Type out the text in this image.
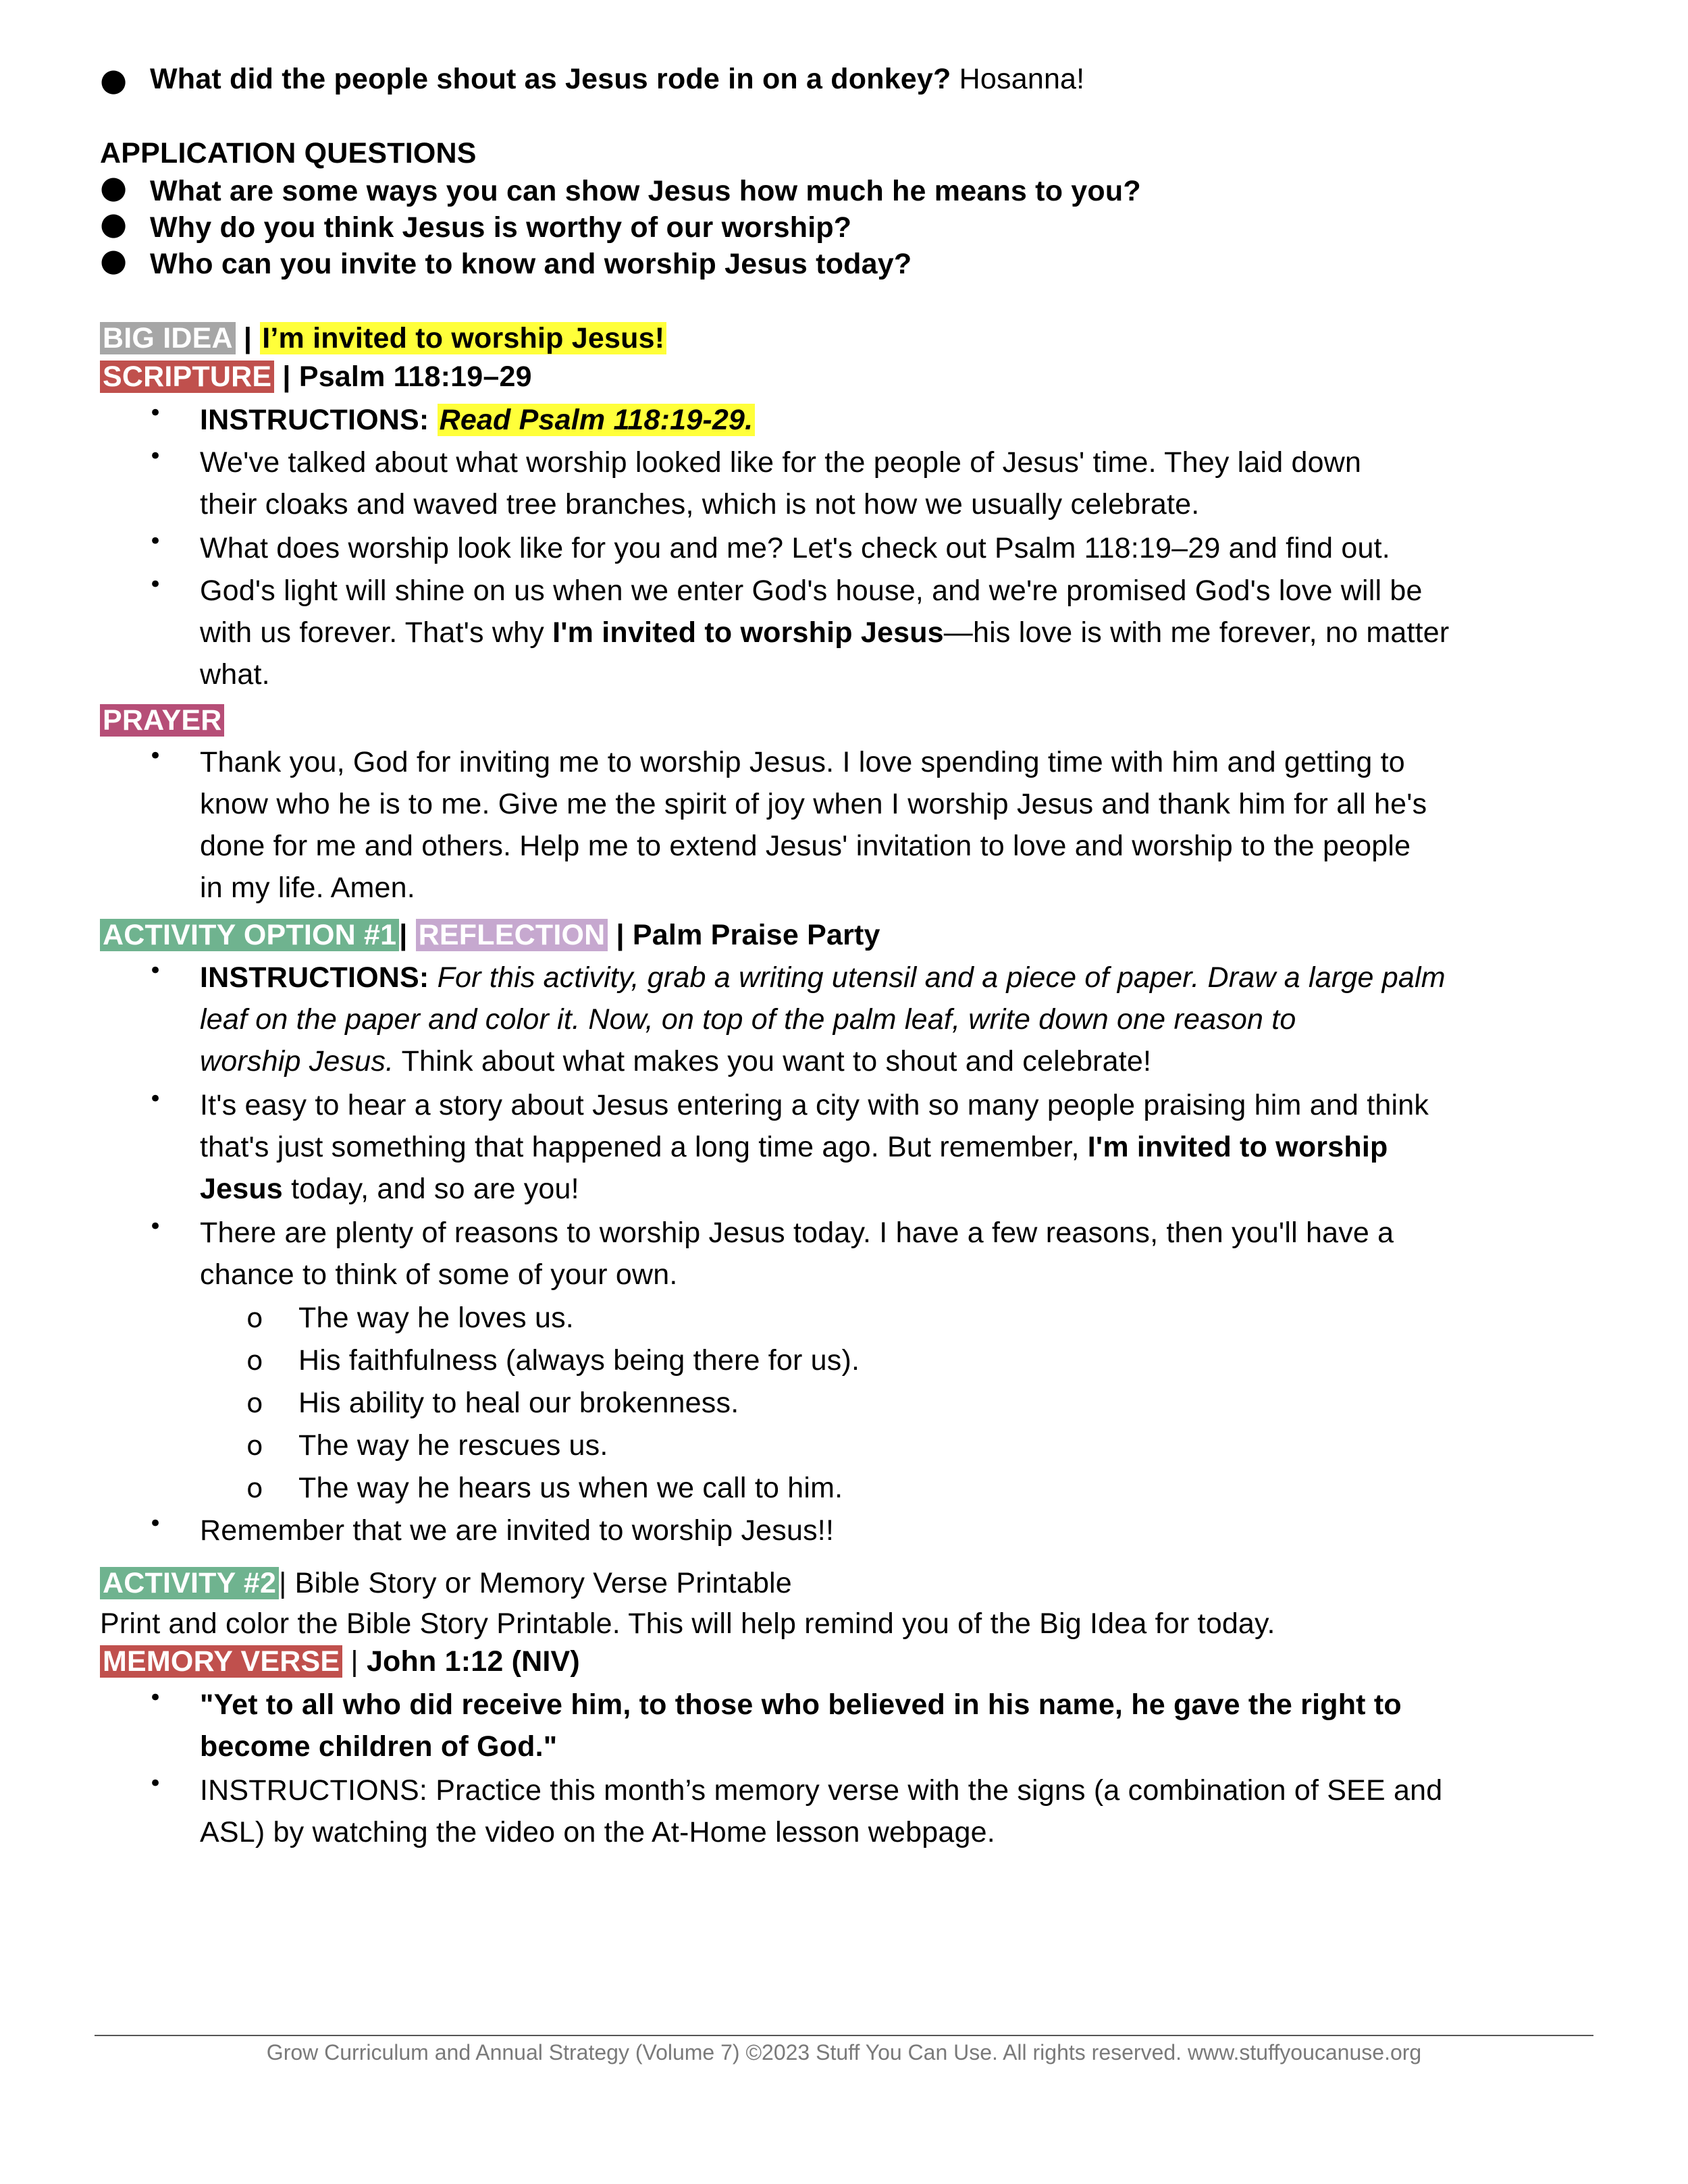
● What did the people shout as Jesus rode in on a donkey? Hosanna!
APPLICATION QUESTIONS
● What are some ways you can show Jesus how much he means to you?
● Why do you think Jesus is worthy of our worship?
● Who can you invite to know and worship Jesus today?
BIG IDEA | I’m invited to worship Jesus!
SCRIPTURE | Psalm 118:19–29
• INSTRUCTIONS: Read Psalm 118:19-29.
• We've talked about what worship looked like for the people of Jesus' time. They laid down
their cloaks and waved tree branches, which is not how we usually celebrate.
• What does worship look like for you and me? Let's check out Psalm 118:19–29 and find out.
• God's light will shine on us when we enter God's house, and we're promised God's love will be
with us forever. That's why I'm invited to worship Jesus—his love is with me forever, no matter
what.
PRAYER
• Thank you, God for inviting me to worship Jesus. I love spending time with him and getting to
know who he is to me. Give me the spirit of joy when I worship Jesus and thank him for all he's
done for me and others. Help me to extend Jesus' invitation to love and worship to the people
in my life. Amen.
ACTIVITY OPTION #1| REFLECTION | Palm Praise Party
• INSTRUCTIONS: For this activity, grab a writing utensil and a piece of paper. Draw a large palm
leaf on the paper and color it. Now, on top of the palm leaf, write down one reason to
worship Jesus. Think about what makes you want to shout and celebrate!
• It's easy to hear a story about Jesus entering a city with so many people praising him and think
that's just something that happened a long time ago. But remember, I'm invited to worship
Jesus today, and so are you!
• There are plenty of reasons to worship Jesus today. I have a few reasons, then you'll have a
chance to think of some of your own.
o The way he loves us.
o His faithfulness (always being there for us).
o His ability to heal our brokenness.
o The way he rescues us.
o The way he hears us when we call to him.
• Remember that we are invited to worship Jesus!!
ACTIVITY #2| Bible Story or Memory Verse Printable
Print and color the Bible Story Printable. This will help remind you of the Big Idea for today.
MEMORY VERSE | John 1:12 (NIV)
• "Yet to all who did receive him, to those who believed in his name, he gave the right to
become children of God."
• INSTRUCTIONS: Practice this month’s memory verse with the signs (a combination of SEE and
ASL) by watching the video on the At-Home lesson webpage.
Grow Curriculum and Annual Strategy (Volume 7) ©2023 Stuff You Can Use. All rights reserved. www.stuffyoucanuse.org
